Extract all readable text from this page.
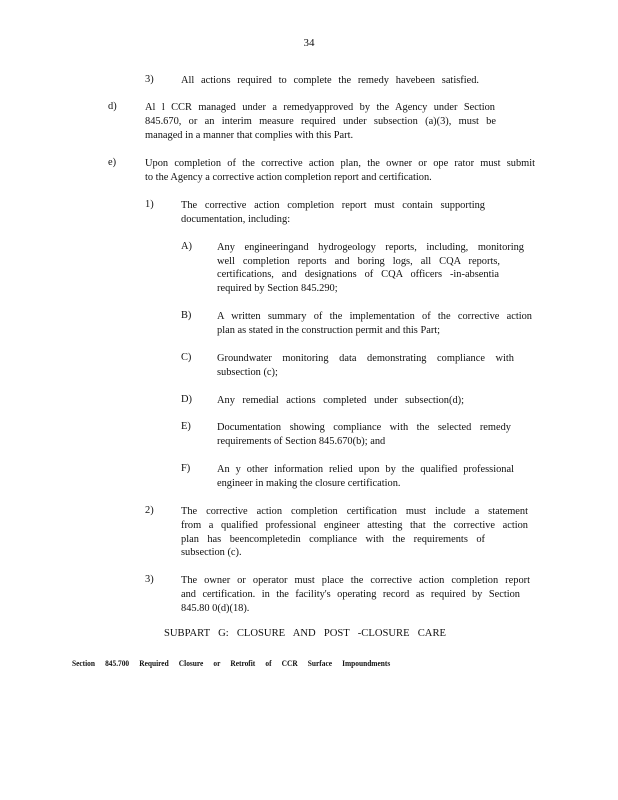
34
3)	All actions required to complete the remedy havebeen satisfied.
d)	Al l CCR managed under a remedyapproved by the Agency under Section
845.670, or an interim measure required under subsection (a)(3), must be
managed in a manner that complies with this Part.
e)	Upon completion of the corrective action plan, the owner or ope rator must submit
to the Agency a corrective action completion report and certification.
1)	The corrective action completion report must contain supporting
documentation, including:
A) Any engineeringand hydrogeology reports, including, monitoring
well completion reports and boring logs, all CQA reports,
certifications, and designations of CQA officers -in-absentia
required by Section 845.290;
B) A written summary of the implementation of the corrective action
plan as stated in the construction permit and this Part;
C) Groundwater monitoring data demonstrating compliance with
subsection (c);
D) Any remedial actions completed under subsection(d);
E)	Documentation showing compliance with the selected remedy
requirements of Section 845.670(b); and
F)	An y other information relied upon by the qualified professional
engineer in making the closure certification.
2)	The corrective action completion certification must include a statement
from a qualified professional engineer attesting that the corrective action
plan has beencompletedin compliance with the requirements of
subsection (c).
3)	The owner or operator must place the corrective action completion report
and certification. in the facility's operating record as required by Section
845.80 0(d)(18).
SUBPART G: CLOSURE AND POST -CLOSURE CARE
Section 845.700 Required Closure or Retrofit of CCR Surface Impoundments
